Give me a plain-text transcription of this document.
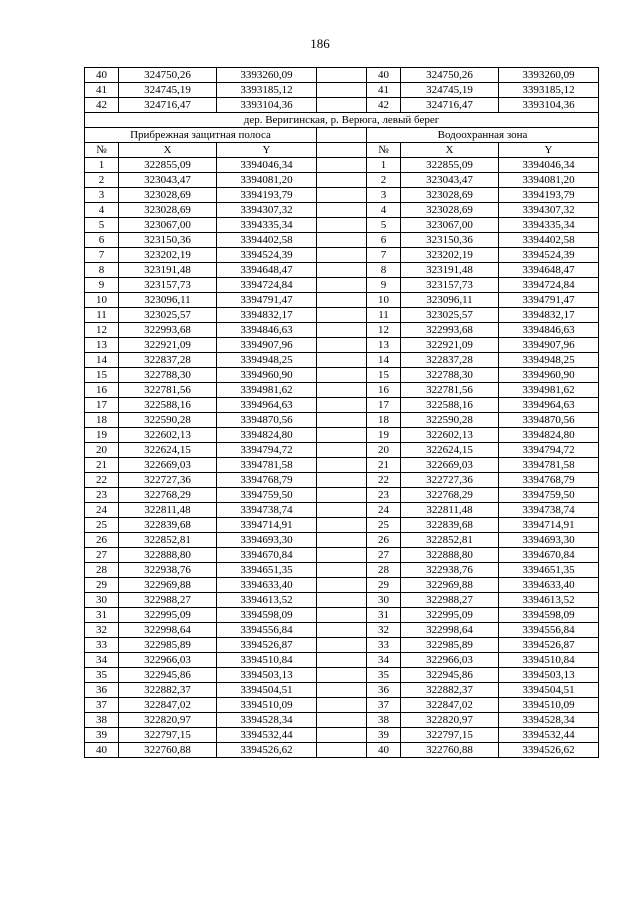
186
40	324750,26	3393260,09		40	324750,26	3393260,09
41	324745,19	3393185,12		41	324745,19	3393185,12
42	324716,47	3393104,36		42	324716,47	3393104,36
дер. Веригинская, р. Верюга, левый берег						
Прибрежная защитная полоса				Водоохранная зона		
№	X	Y		№	X	Y
1	322855,09	3394046,34		1	322855,09	3394046,34
2	323043,47	3394081,20		2	323043,47	3394081,20
3	323028,69	3394193,79		3	323028,69	3394193,79
4	323028,69	3394307,32		4	323028,69	3394307,32
5	323067,00	3394335,34		5	323067,00	3394335,34
6	323150,36	3394402,58		6	323150,36	3394402,58
7	323202,19	3394524,39		7	323202,19	3394524,39
8	323191,48	3394648,47		8	323191,48	3394648,47
9	323157,73	3394724,84		9	323157,73	3394724,84
10	323096,11	3394791,47		10	323096,11	3394791,47
11	323025,57	3394832,17		11	323025,57	3394832,17
12	322993,68	3394846,63		12	322993,68	3394846,63
13	322921,09	3394907,96		13	322921,09	3394907,96
14	322837,28	3394948,25		14	322837,28	3394948,25
15	322788,30	3394960,90		15	322788,30	3394960,90
16	322781,56	3394981,62		16	322781,56	3394981,62
17	322588,16	3394964,63		17	322588,16	3394964,63
18	322590,28	3394870,56		18	322590,28	3394870,56
19	322602,13	3394824,80		19	322602,13	3394824,80
20	322624,15	3394794,72		20	322624,15	3394794,72
21	322669,03	3394781,58		21	322669,03	3394781,58
22	322727,36	3394768,79		22	322727,36	3394768,79
23	322768,29	3394759,50		23	322768,29	3394759,50
24	322811,48	3394738,74		24	322811,48	3394738,74
25	322839,68	3394714,91		25	322839,68	3394714,91
26	322852,81	3394693,30		26	322852,81	3394693,30
27	322888,80	3394670,84		27	322888,80	3394670,84
28	322938,76	3394651,35		28	322938,76	3394651,35
29	322969,88	3394633,40		29	322969,88	3394633,40
30	322988,27	3394613,52		30	322988,27	3394613,52
31	322995,09	3394598,09		31	322995,09	3394598,09
32	322998,64	3394556,84		32	322998,64	3394556,84
33	322985,89	3394526,87		33	322985,89	3394526,87
34	322966,03	3394510,84		34	322966,03	3394510,84
35	322945,86	3394503,13		35	322945,86	3394503,13
36	322882,37	3394504,51		36	322882,37	3394504,51
37	322847,02	3394510,09		37	322847,02	3394510,09
38	322820,97	3394528,34		38	322820,97	3394528,34
39	322797,15	3394532,44		39	322797,15	3394532,44
40	322760,88	3394526,62		40	322760,88	3394526,62
